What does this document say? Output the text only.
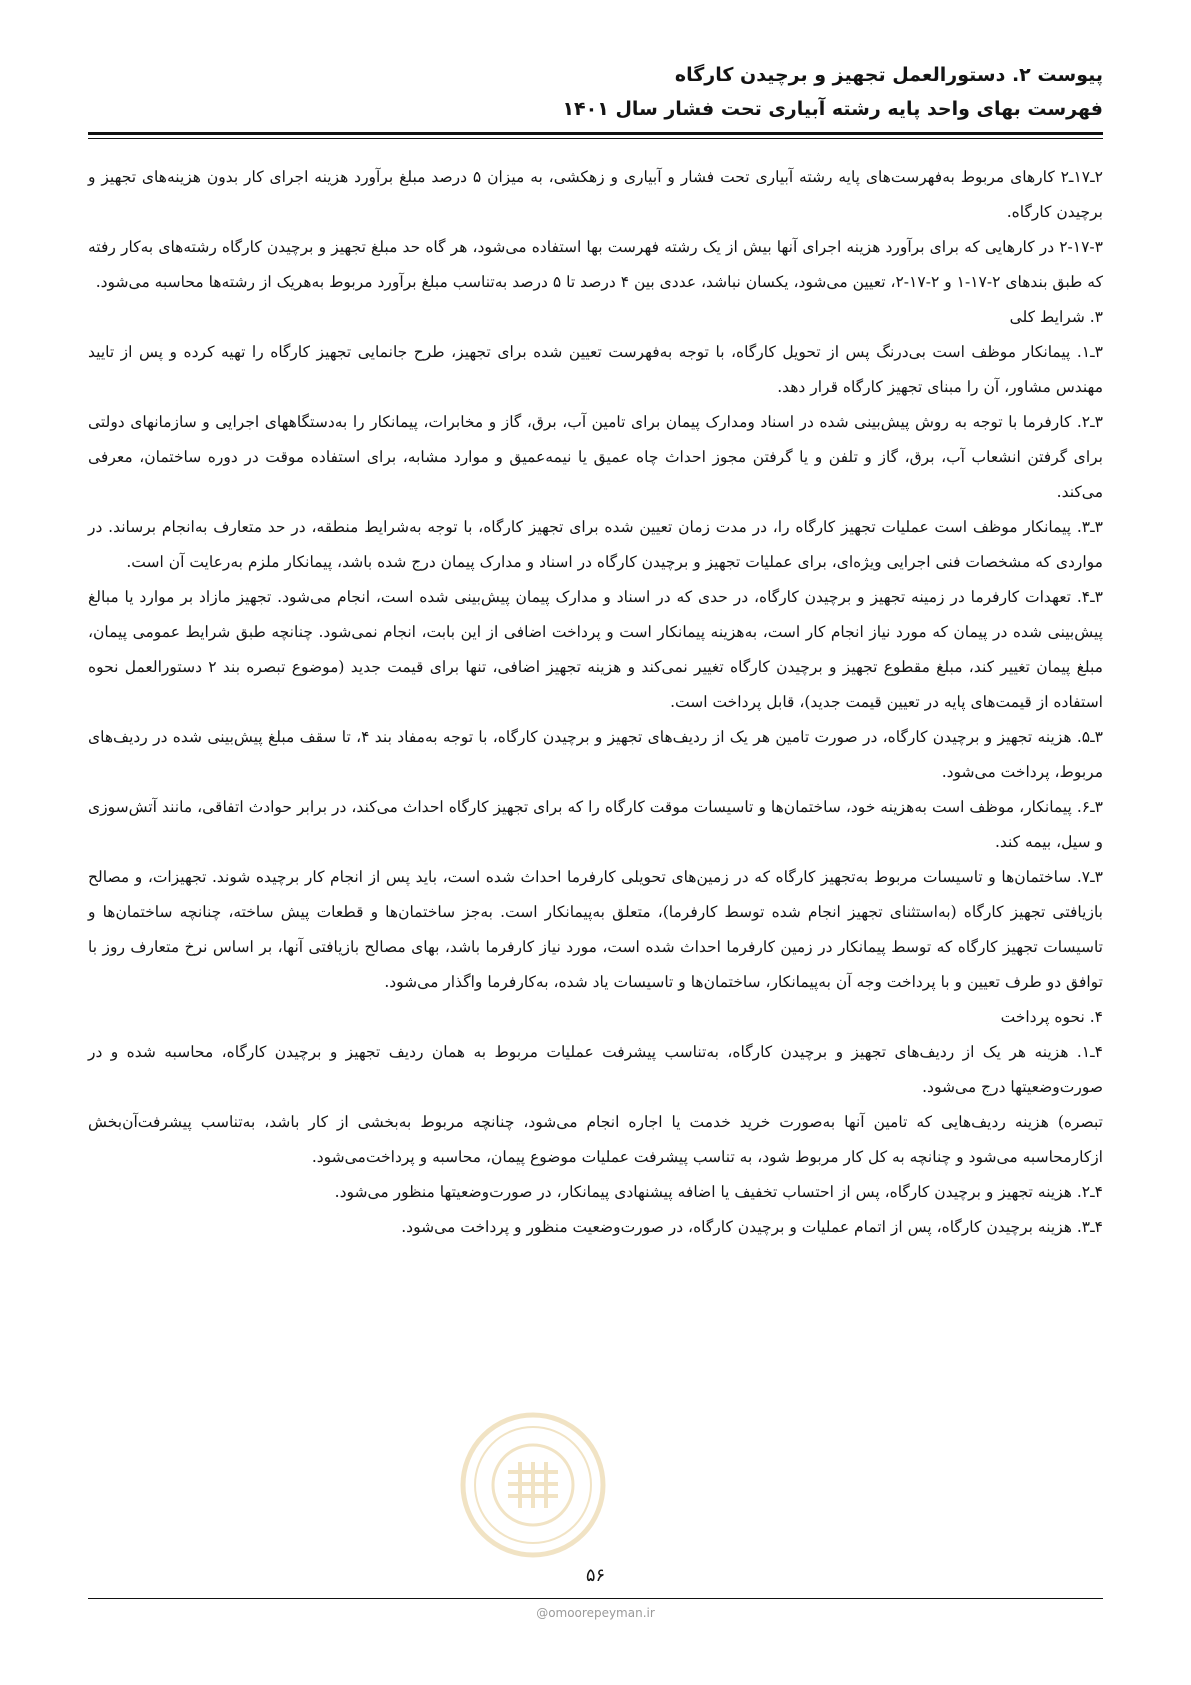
پیوست ۲. دستورالعمل تجهیز و برچیدن کارگاه
فهرست بهای واحد پایه رشته آبیاری تحت فشار سال ۱۴۰۱

۲ـ۱۷ـ۲ کارهای مربوط به‌فهرست‌های پایه رشته آبیاری تحت فشار و آبیاری و زهکشی، به میزان ۵ درصد مبلغ برآورد هزینه اجرای کار بدون هزینه‌های تجهیز و برچیدن کارگاه.

۲-۱۷-۳ در کارهایی که برای برآورد هزینه اجرای آنها بیش از یک رشته فهرست بها استفاده می‌شود، هر گاه حد مبلغ تجهیز و برچیدن کارگاه رشته‌های به‌کار رفته که طبق بندهای ۲-۱۷-۱ و ۲-۱۷-۲، تعیین می‌شود، یکسان نباشد، عددی بین ۴ درصد تا ۵ درصد به‌تناسب مبلغ برآورد مربوط به‌هریک از رشته‌ها محاسبه می‌شود.

۳. شرایط کلی

۳ـ۱. پیمانکار موظف است بی‌درنگ پس از تحویل کارگاه، با توجه به‌فهرست تعیین شده برای تجهیز، طرح جانمایی تجهیز کارگاه را تهیه کرده و پس از تایید مهندس مشاور، آن را مبنای تجهیز کارگاه قرار دهد.

۳ـ۲. کارفرما با توجه به روش پیش‌بینی شده در اسناد ومدارک پیمان برای تامین آب، برق، گاز و مخابرات، پیمانکار را به‌دستگاههای اجرایی و سازمانهای دولتی برای گرفتن انشعاب آب، برق، گاز و تلفن و یا گرفتن مجوز احداث چاه عمیق یا نیمه‌عمیق و موارد مشابه، برای استفاده موقت در دوره ساختمان، معرفی می‌کند.

۳ـ۳. پیمانکار موظف است عملیات تجهیز کارگاه را، در مدت زمان تعیین شده برای تجهیز کارگاه، با توجه به‌شرایط منطقه، در حد متعارف به‌انجام برساند. در مواردی که مشخصات فنی اجرایی ویژه‌ای، برای عملیات تجهیز و برچیدن کارگاه در اسناد و مدارک پیمان درج شده باشد، پیمانکار ملزم به‌رعایت آن است.

۳ـ۴. تعهدات کارفرما در زمینه تجهیز و برچیدن کارگاه، در حدی که در اسناد و مدارک پیمان پیش‌بینی شده است، انجام می‌شود. تجهیز مازاد بر موارد یا مبالغ پیش‌بینی شده در پیمان که مورد نیاز انجام کار است، به‌هزینه پیمانکار است و پرداخت اضافی از این بابت، انجام نمی‌شود. چنانچه طبق شرایط عمومی پیمان، مبلغ پیمان تغییر کند، مبلغ مقطوع تجهیز و برچیدن کارگاه تغییر نمی‌کند و هزینه تجهیز اضافی، تنها برای قیمت جدید (موضوع تبصره بند ۲ دستورالعمل نحوه استفاده از قیمت‌های پایه در تعیین قیمت جدید)، قابل پرداخت است.

۳ـ۵. هزینه تجهیز و برچیدن کارگاه، در صورت تامین هر یک از ردیف‌های تجهیز و برچیدن کارگاه، با توجه به‌مفاد بند ۴، تا سقف مبلغ پیش‌بینی شده در ردیف‌های مربوط، پرداخت می‌شود.

۳ـ۶. پیمانکار، موظف است به‌هزینه خود، ساختمان‌ها و تاسیسات موقت کارگاه را که برای تجهیز کارگاه احداث می‌کند، در برابر حوادث اتفاقی، مانند آتش‌سوزی و سیل، بیمه کند.

۳ـ۷. ساختمان‌ها و تاسیسات مربوط به‌تجهیز کارگاه که در زمین‌های تحویلی کارفرما احداث شده است، باید پس از انجام کار برچیده شوند. تجهیزات، و مصالح بازیافتی تجهیز کارگاه (به‌استثنای تجهیز انجام شده توسط کارفرما)، متعلق به‌پیمانکار است. به‌جز ساختمان‌ها و قطعات پیش ساخته، چنانچه ساختمان‌ها و تاسیسات تجهیز کارگاه که توسط پیمانکار در زمین کارفرما احداث شده است، مورد نیاز کارفرما باشد، بهای مصالح بازیافتی آنها، بر اساس نرخ متعارف روز با توافق دو طرف تعیین و با پرداخت وجه آن به‌پیمانکار، ساختمان‌ها و تاسیسات یاد شده، به‌کارفرما واگذار می‌شود.

۴. نحوه پرداخت

۴ـ۱. هزینه هر یک از ردیف‌های تجهیز و برچیدن کارگاه، به‌تناسب پیشرفت عملیات مربوط به همان ردیف تجهیز و برچیدن کارگاه، محاسبه شده و در صورت‌وضعیتها درج می‌شود.

تبصره) هزینه ردیف‌هایی که تامین آنها به‌صورت خرید خدمت یا اجاره انجام می‌شود، چنانچه مربوط به‌بخشی از کار باشد، به‌تناسب پیشرفت‌آن‌بخش ازکارمحاسبه می‌شود و چنانچه به کل کار مربوط شود، به تناسب پیشرفت عملیات موضوع پیمان، محاسبه و پرداخت‌می‌شود.

۴ـ۲. هزینه تجهیز و برچیدن کارگاه، پس از احتساب تخفیف یا اضافه پیشنهادی پیمانکار، در صورت‌وضعیتها منظور می‌شود.

۴ـ۳. هزینه برچیدن کارگاه، پس از اتمام عملیات و برچیدن کارگاه، در صورت‌وضعیت منظور و پرداخت می‌شود.

۵۶
@omoorepeyman.ir
